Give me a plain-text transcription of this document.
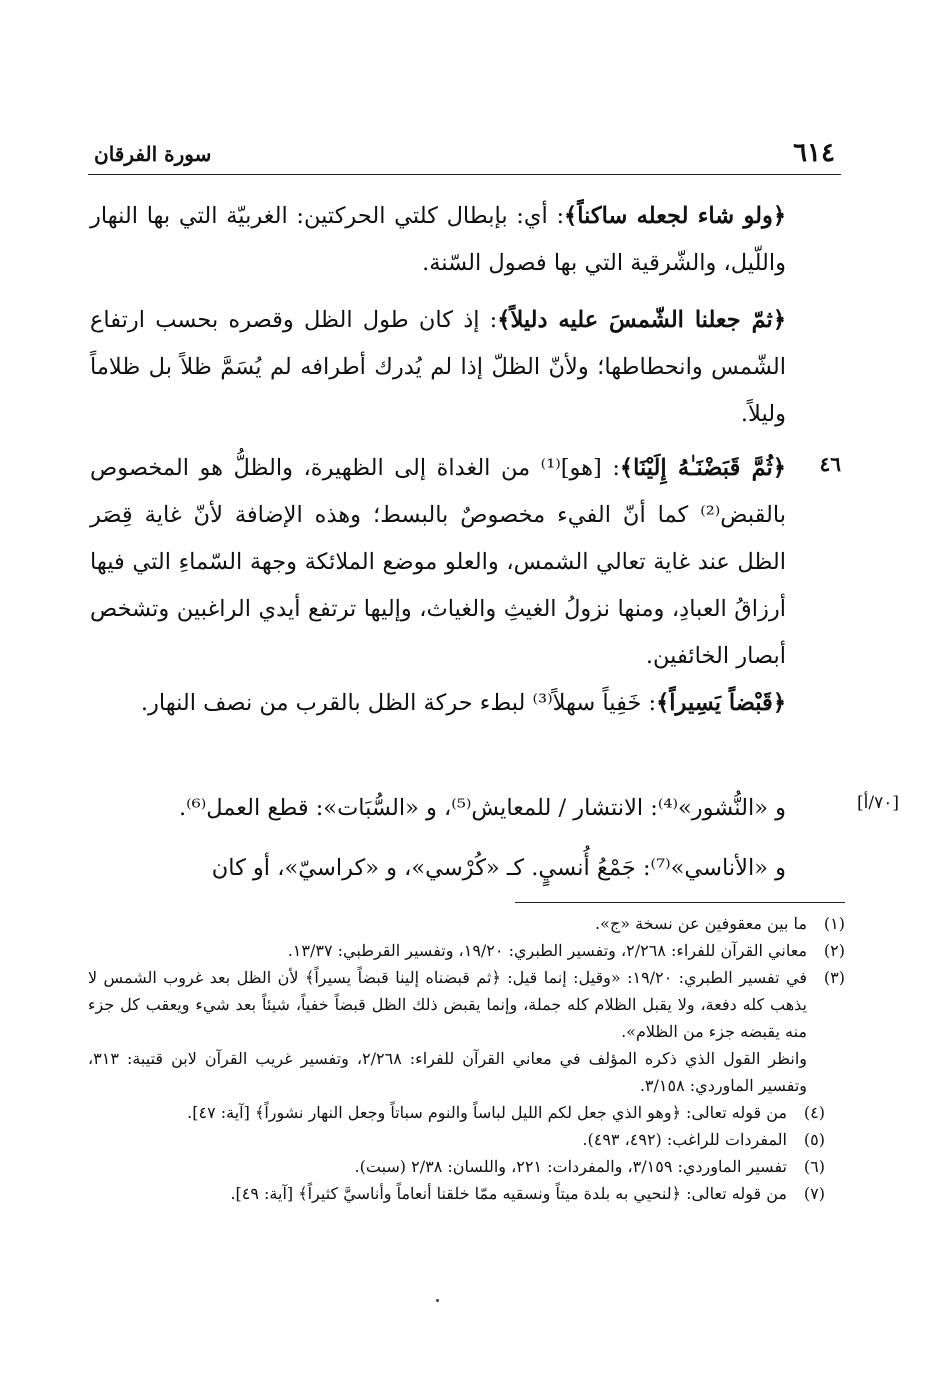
٦١٤
سورة الفرقان
﴿ولو شاء لجعله ساكناً﴾: أي: بإبطال كلتي الحركتين: الغربيّة التي بها النهار واللّيل، والشّرقية التي بها فصول السّنة.
﴿ثمّ جعلنا الشّمسَ عليه دليلاً﴾: إذ كان طول الظل وقصره بحسب ارتفاع الشّمس وانحطاطها؛ ولأنّ الظلّ إذا لم يُدرك أطرافه لم يُسَمَّ ظلاً بل ظلاماً وليلاً.
٤٦
﴿ثُمَّ قَبَضْنَـٰهُ إِلَيْنَا﴾: [هو]⁽¹⁾ من الغداة إلى الظهيرة، والظلُّ هو المخصوص بالقبض⁽²⁾ كما أنّ الفيء مخصوصٌ بالبسط؛ وهذه الإضافة لأنّ غاية قِصَر الظل عند غاية تعالي الشمس، والعلو موضع الملائكة وجهة السّماءِ التي فيها أرزاقُ العبادِ، ومنها نزولُ الغيثِ والغياث، وإليها ترتفع أيدي الراغبين وتشخص أبصار الخائفين.
﴿قَبْضاً يَسِيراً﴾: خَفِياً سهلاً⁽³⁾ لبطء حركة الظل بالقرب من نصف النهار.
[٧٠/أ]
و «النُّشور»⁽⁴⁾: الانتشار / للمعايش⁽⁵⁾، و «السُّبَات»: قطع العمل⁽⁶⁾.
و «الأناسي»⁽⁷⁾: جَمْعُ أُنسيٍ. كـ «كُرْسي»، و «كراسيّ»، أو كان
(١)
ما بين معقوفين عن نسخة «ج».
(٢)
معاني القرآن للفراء: ٢/٢٦٨، وتفسير الطبري: ١٩/٢٠، وتفسير القرطبي: ١٣/٣٧.
(٣)
في تفسير الطبري: ١٩/٢٠: «وقيل: إنما قيل: ﴿ثم قبضناه إلينا قبضاً يسيراً﴾ لأن الظل بعد غروب الشمس لا يذهب كله دفعة، ولا يقبل الظلام كله جملة، وإنما يقبض ذلك الظل قبضاً خفياً، شيئاً بعد شيء ويعقب كل جزء منه يقبضه جزء من الظلام».
وانظر القول الذي ذكره المؤلف في معاني القرآن للفراء: ٢/٢٦٨، وتفسير غريب القرآن لابن قتيبة: ٣١٣، وتفسير الماوردي: ٣/١٥٨.
(٤)
من قوله تعالى: ﴿وهو الذي جعل لكم الليل لباساً والنوم سباتاً وجعل النهار نشوراً﴾ [آية: ٤٧].
(٥)
المفردات للراغب: (٤٩٢، ٤٩٣).
(٦)
تفسير الماوردي: ٣/١٥٩، والمفردات: ٢٢١، واللسان: ٢/٣٨ (سبت).
(٧)
من قوله تعالى: ﴿لنحيي به بلدة ميتاً ونسقيه ممّا خلقنا أنعاماً وأناسيَّ كثيراً﴾ [آية: ٤٩].
